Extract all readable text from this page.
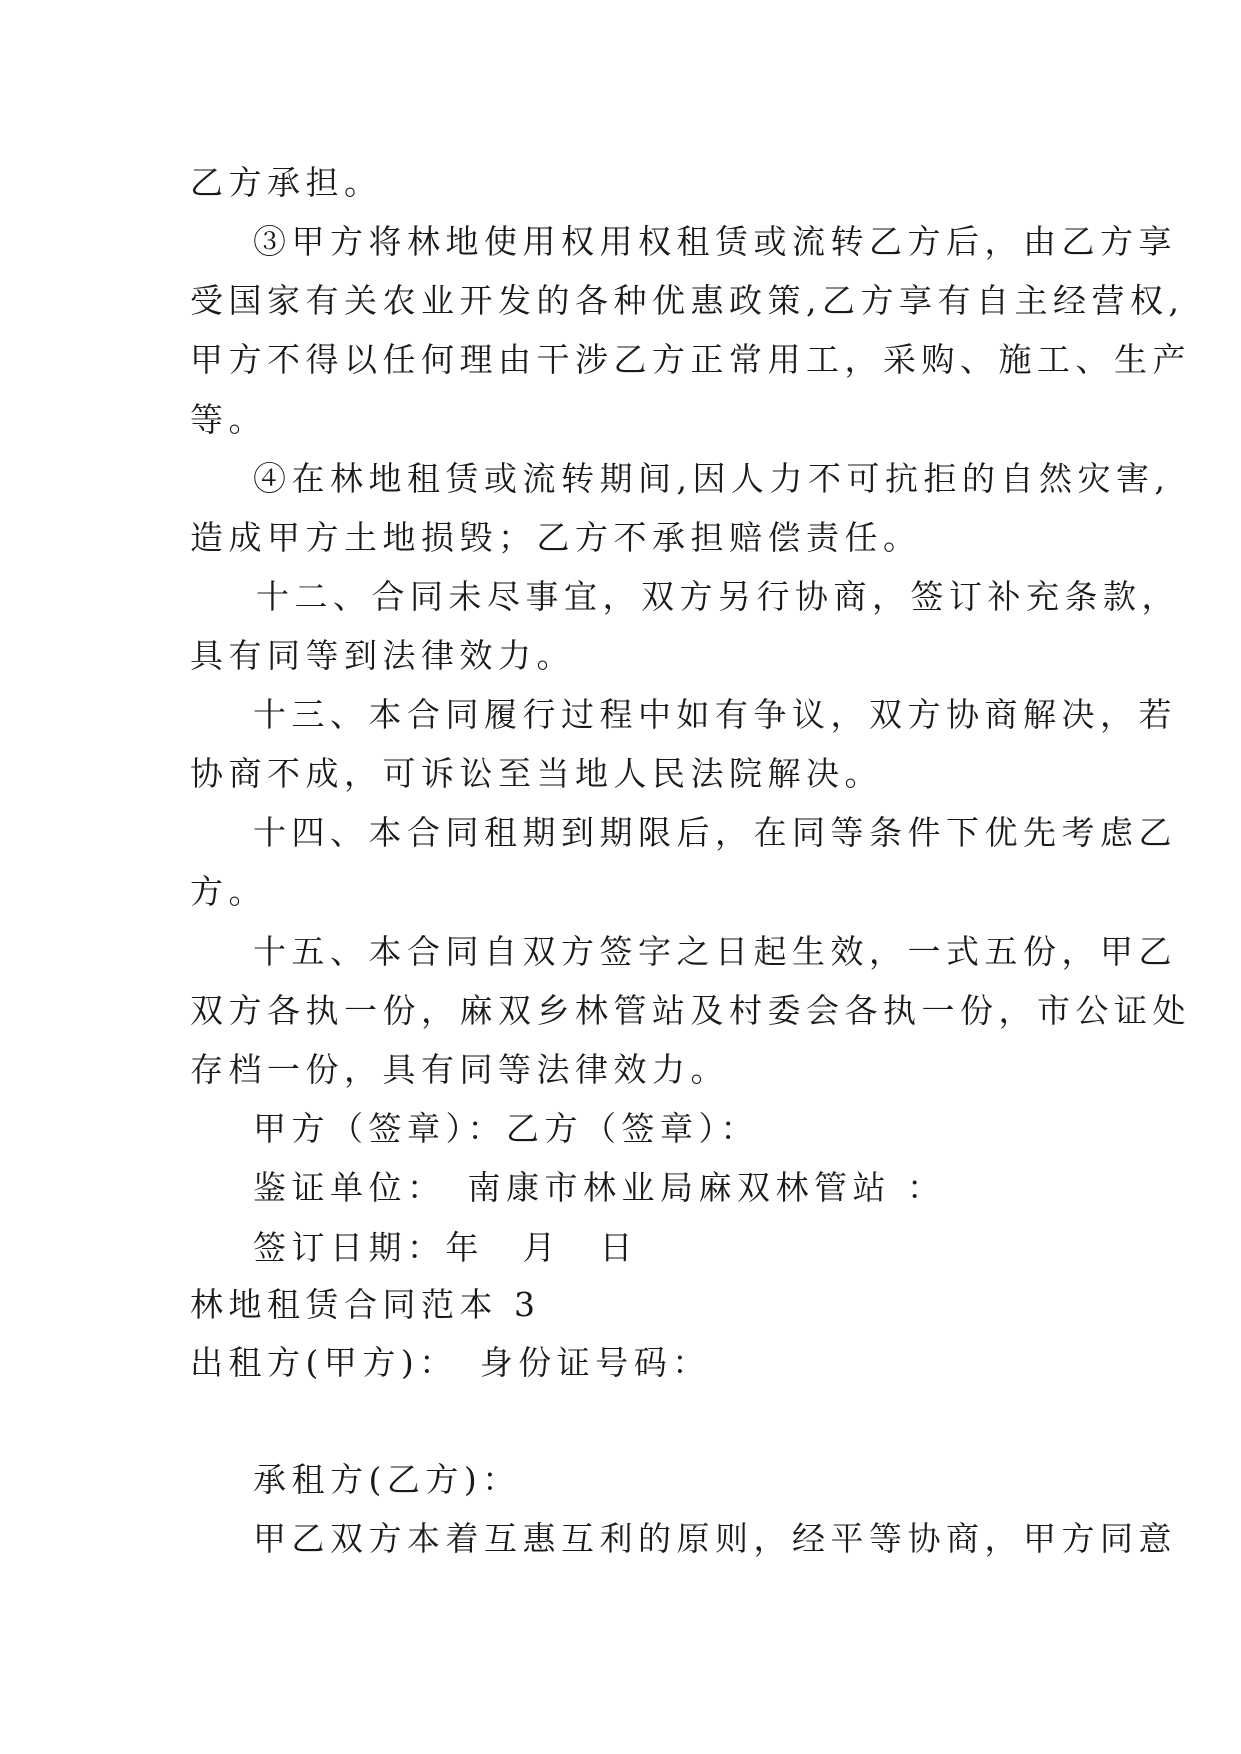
乙方承担。
③甲方将林地使用权用权租赁或流转乙方后，由乙方享
受国家有关农业开发的各种优惠政策,乙方享有自主经营权,
甲方不得以任何理由干涉乙方正常用工，采购、施工、生产
等。
④在林地租赁或流转期间,因人力不可抗拒的自然灾害,
造成甲方土地损毁；乙方不承担赔偿责任。
十二、合同未尽事宜，双方另行协商，签订补充条款，
具有同等到法律效力。
十三、本合同履行过程中如有争议，双方协商解决，若
协商不成，可诉讼至当地人民法院解决。
十四、本合同租期到期限后，在同等条件下优先考虑乙
方。
十五、本合同自双方签字之日起生效，一式五份，甲乙
双方各执一份，麻双乡林管站及村委会各执一份，市公证处
存档一份，具有同等法律效力。
甲方（签章）：乙方（签章）：
鉴证单位：　南康市林业局麻双林管站 ：
签订日期：年　月　日
林地租赁合同范本 3
出租方(甲方)：　身份证号码：
承租方(乙方)：
甲乙双方本着互惠互利的原则，经平等协商，甲方同意
